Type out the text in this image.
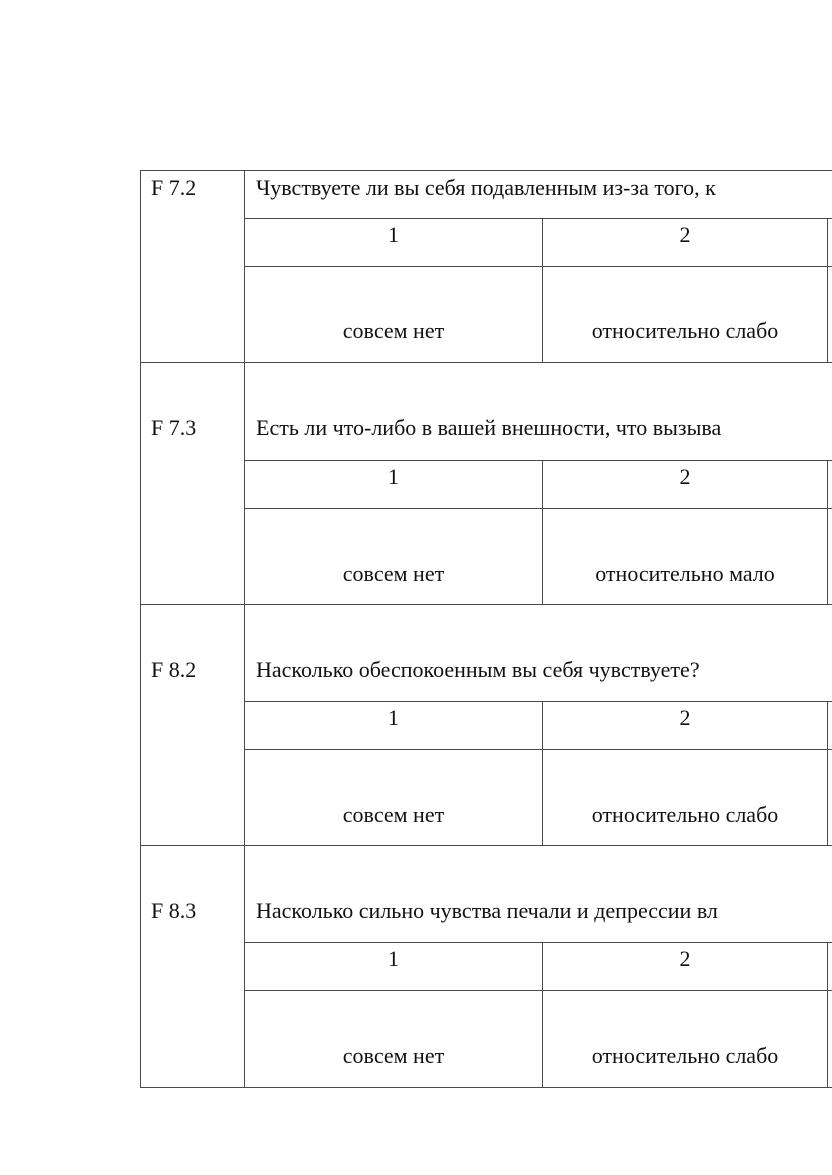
F 7.2	Чувствуете ли вы себя подавленным из-за того, к
1	2
совсем нет	относительно слабо
F 7.3	Есть ли что-либо в вашей внешности, что вызыва
1	2
совсем нет	относительно мало
F 8.2	Насколько обеспокоенным вы себя чувствуете?
1	2
совсем нет	относительно слабо
F 8.3	Насколько сильно чувства печали и депрессии вл
1	2
совсем нет	относительно слабо
